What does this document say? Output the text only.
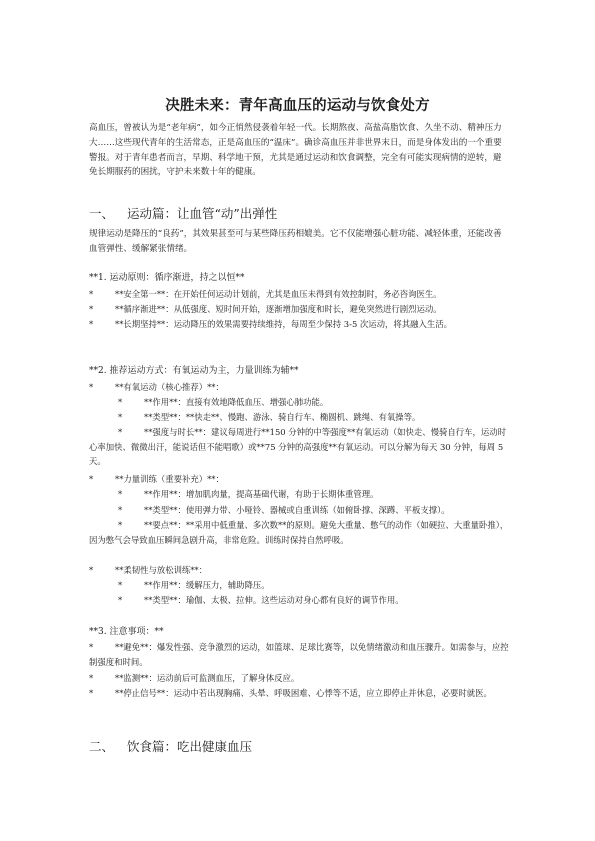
决胜未来：青年高血压的运动与饮食处方
高血压，曾被认为是“老年病”，如今正悄然侵袭着年轻一代。长期熬夜、高盐高脂饮食、久坐不动、精神压力大……这些现代青年的生活常态，正是高血压的“温床”。确诊高血压并非世界末日，而是身体发出的一个重要警报。对于青年患者而言，早期、科学地干预，尤其是通过运动和饮食调整，完全有可能实现病情的逆转，避免长期服药的困扰，守护未来数十年的健康。
一、 运动篇：让血管“动”出弹性
规律运动是降压的“良药”，其效果甚至可与某些降压药相媲美。它不仅能增强心脏功能、减轻体重，还能改善血管弹性、缓解紧张情绪。
**1. 运动原则：循序渐进，持之以恒**
*	**安全第一**：在开始任何运动计划前，尤其是血压未得到有效控制时，务必咨询医生。
*	**循序渐进**：从低强度、短时间开始，逐渐增加强度和时长，避免突然进行剧烈运动。
*	**长期坚持**：运动降压的效果需要持续维持，每周至少保持 3-5 次运动，将其融入生活。
**2. 推荐运动方式：有氧运动为主，力量训练为辅**
*	**有氧运动（核心推荐）**：
*	**作用**：直接有效地降低血压、增强心肺功能。
*	**类型**：**快走**、慢跑、游泳、骑自行车、椭圆机、跳绳、有氧操等。
*	**强度与时长**：建议每周进行**150 分钟的中等强度**有氧运动（如快走、慢骑自行车，运动时心率加快、微微出汗，能说话但不能唱歌）或**75 分钟的高强度**有氧运动。可以分解为每天 30 分钟，每周 5 天。
*	**力量训练（重要补充）**：
*	**作用**：增加肌肉量，提高基础代谢，有助于长期体重管理。
*	**类型**：使用弹力带、小哑铃、器械或自重训练（如俯卧撑、深蹲、平板支撑）。
*	**要点**：**采用中低重量、多次数**的原则。避免大重量、憋气的动作（如硬拉、大重量卧推），因为憋气会导致血压瞬间急剧升高，非常危险。训练时保持自然呼吸。
*	**柔韧性与放松训练**：
*	**作用**：缓解压力，辅助降压。
*	**类型**：瑜伽、太极、拉伸。这些运动对身心都有良好的调节作用。
**3. 注意事项：**
*	**避免**：爆发性强、竞争激烈的运动，如篮球、足球比赛等，以免情绪激动和血压骤升。如需参与，应控制强度和时间。
*	**监测**：运动前后可监测血压，了解身体反应。
*	**停止信号**：运动中若出现胸痛、头晕、呼吸困难、心悸等不适，应立即停止并休息，必要时就医。
二、 饮食篇：吃出健康血压
